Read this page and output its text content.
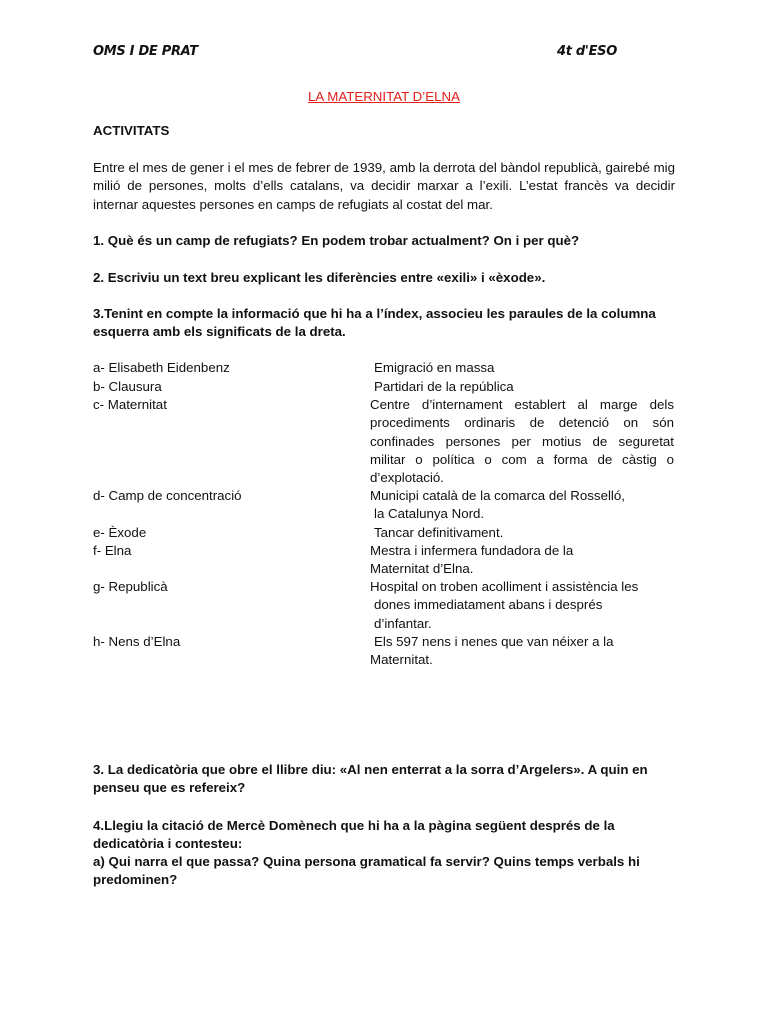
OMS I DE PRAT	4t d'ESO
LA MATERNITAT D’ELNA
ACTIVITATS
Entre el mes de gener i el mes de febrer de 1939, amb la derrota del bàndol republicà, gairebé mig milió de persones, molts d’ells catalans, va decidir marxar a l’exili. L’estat francès va decidir internar aquestes persones en camps de refugiats al costat del mar.
1. Què és un camp de refugiats? En podem trobar actualment? On i per què?
2. Escriviu un text breu explicant les diferències entre «exili» i «èxode».
3.Tenint en compte la informació que hi ha a l’índex, associeu les paraules de la columna esquerra amb els significats de la dreta.
a- Elisabeth Eidenbenz	Emigració en massa
b- Clausura	Partidari de la república
c- Maternitat	Centre d’internament establert al marge dels procediments ordinaris de detenció on són confinades persones per motius de seguretat militar o política o com a forma de càstig o d’explotació.
d- Camp de concentració	Municipi català de la comarca del Rosselló,
la Catalunya Nord.
e- Èxode	Tancar definitivament.
f- Elna	Mestra i infermera fundadora de la
Maternitat d’Elna.
g- Republicà	Hospital on troben acolliment i assistència les
dones immediatament abans i després d’infantar.
h- Nens d’Elna	Els 597 nens i nenes que van néixer a la
Maternitat.
3. La dedicatòria que obre el llibre diu: «Al nen enterrat a la sorra d’Argelers». A quin en penseu que es refereix?
4.Llegiu la citació de Mercè Domènech que hi ha a la pàgina següent després de la dedicatòria i contesteu:
a) Qui narra el que passa? Quina persona gramatical fa servir? Quins temps verbals hi predominen?
